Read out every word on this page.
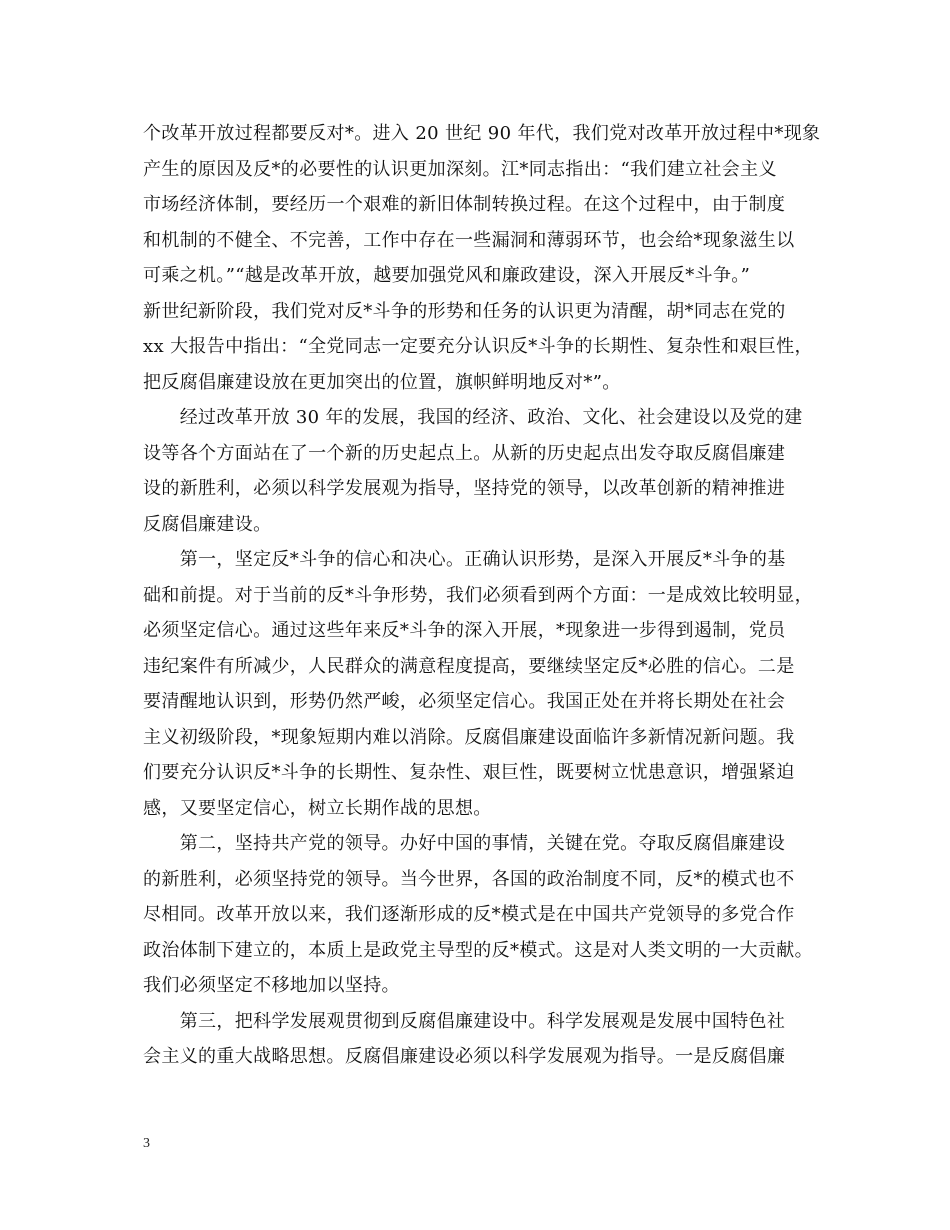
个改革开放过程都要反对*。进入 20 世纪 90 年代，我们党对改革开放过程中*现象
产生的原因及反*的必要性的认识更加深刻。江*同志指出：“我们建立社会主义
市场经济体制，要经历一个艰难的新旧体制转换过程。在这个过程中，由于制度
和机制的不健全、不完善，工作中存在一些漏洞和薄弱环节，也会给*现象滋生以
可乘之机。”“越是改革开放，越要加强党风和廉政建设，深入开展反*斗争。”
新世纪新阶段，我们党对反*斗争的形势和任务的认识更为清醒，胡*同志在党的
xx 大报告中指出：“全党同志一定要充分认识反*斗争的长期性、复杂性和艰巨性，
把反腐倡廉建设放在更加突出的位置，旗帜鲜明地反对*”。
　　经过改革开放 30 年的发展，我国的经济、政治、文化、社会建设以及党的建
设等各个方面站在了一个新的历史起点上。从新的历史起点出发夺取反腐倡廉建
设的新胜利，必须以科学发展观为指导，坚持党的领导，以改革创新的精神推进
反腐倡廉建设。
　　第一，坚定反*斗争的信心和决心。正确认识形势，是深入开展反*斗争的基
础和前提。对于当前的反*斗争形势，我们必须看到两个方面：一是成效比较明显，
必须坚定信心。通过这些年来反*斗争的深入开展，*现象进一步得到遏制，党员
违纪案件有所减少，人民群众的满意程度提高，要继续坚定反*必胜的信心。二是
要清醒地认识到，形势仍然严峻，必须坚定信心。我国正处在并将长期处在社会
主义初级阶段，*现象短期内难以消除。反腐倡廉建设面临许多新情况新问题。我
们要充分认识反*斗争的长期性、复杂性、艰巨性，既要树立忧患意识，增强紧迫
感，又要坚定信心，树立长期作战的思想。
　　第二，坚持共产党的领导。办好中国的事情，关键在党。夺取反腐倡廉建设
的新胜利，必须坚持党的领导。当今世界，各国的政治制度不同，反*的模式也不
尽相同。改革开放以来，我们逐渐形成的反*模式是在中国共产党领导的多党合作
政治体制下建立的，本质上是政党主导型的反*模式。这是对人类文明的一大贡献。
我们必须坚定不移地加以坚持。
　　第三，把科学发展观贯彻到反腐倡廉建设中。科学发展观是发展中国特色社
会主义的重大战略思想。反腐倡廉建设必须以科学发展观为指导。一是反腐倡廉
3
